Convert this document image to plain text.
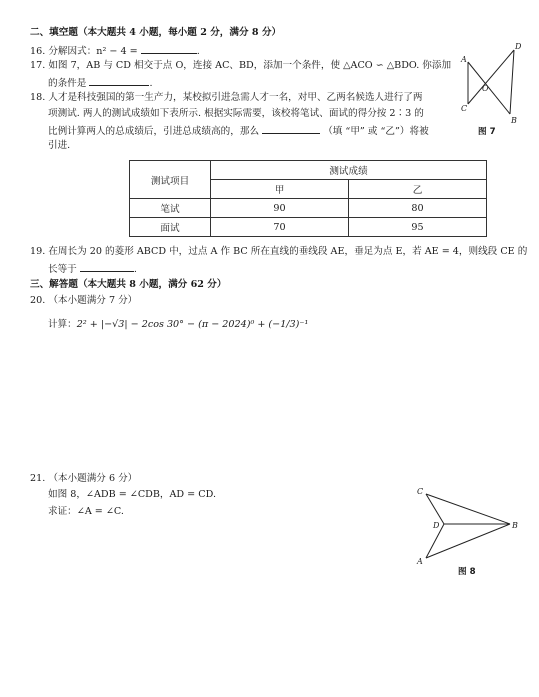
二、填空题（本大题共 4 小题，每小题 2 分，满分 8 分）
16. 分解因式：n² − 4 =	.
17. 如图 7，AB 与 CD 相交于点 O，连接 AC、BD，添加一个条件，使 △ACO ∽ △BDO. 你添加
的条件是	.
18. 人才是科技强国的第一生产力，某校拟引进急需人才一名，对甲、乙两名候选人进行了两
项测试. 两人的测试成绩如下表所示. 根据实际需要，该校将笔试、面试的得分按 2∶3 的
比例计算两人的总成绩后，引进总成绩高的，那么	（填 “甲” 或 “乙”）将被
引进.
A
D
O
C
B
图 7
测试项目	测试成绩	
	甲	乙
笔试	90	80
面试	70	95
19. 在周长为 20 的菱形 ABCD 中，过点 A 作 BC 所在直线的垂线段 AE，垂足为点 E，若 AE = 4，则线段 CE 的
长等于	.
三、解答题（本大题共 8 小题，满分 62 分）
20. （本小题满分 7 分）
计算：2² + |−√3| − 2cos 30° − (π − 2024)⁰ + (−1/3)⁻¹
21. （本小题满分 6 分）
如图 8，∠ADB = ∠CDB，AD = CD.
求证：∠A = ∠C.
C
D	B
A
图 8
